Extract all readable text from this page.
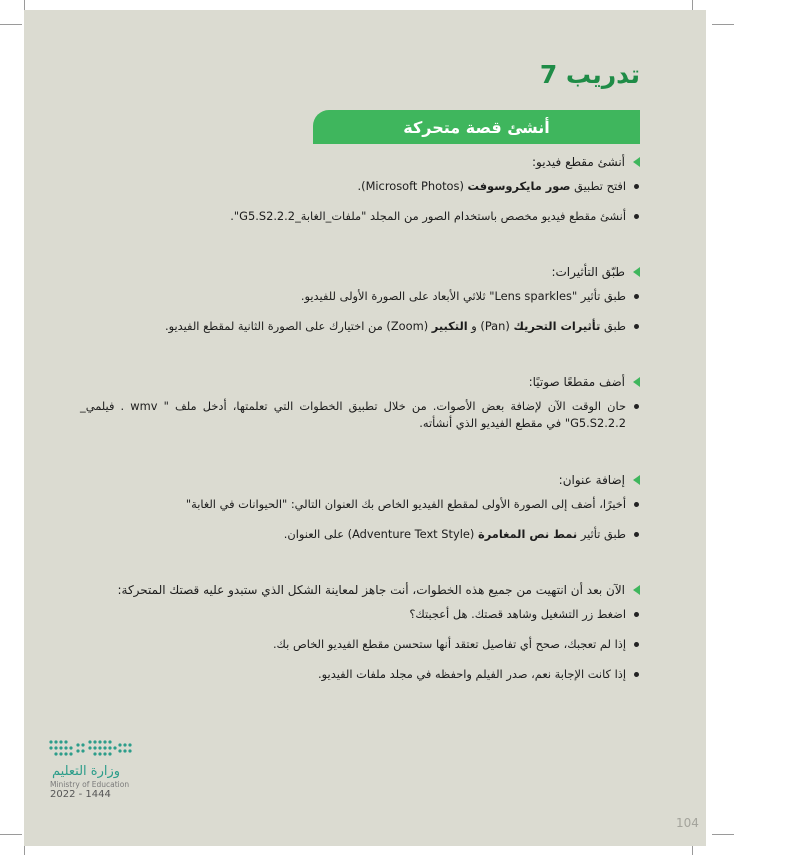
تدريب 7
أنشئ قصة متحركة
أنشئ مقطع فيديو:
افتح تطبيق صور مايكروسوفت (Microsoft Photos).
أنشئ مقطع فيديو مخصص باستخدام الصور من المجلد "ملفات_الغابة_G5.S2.2.2".
طبّق التأثيرات:
طبق تأثير "Lens sparkles" ثلاثي الأبعاد على الصورة الأولى للفيديو.
طبق تأثيرات التحريك (Pan) و التكبير (Zoom) من اختيارك على الصورة الثانية لمقطع الفيديو.
أضف مقطعًا صوتيًا:
حان الوقت الآن لإضافة بعض الأصوات. من خلال تطبيق الخطوات التي تعلمتها، أدخل ملف " wmv . فيلمي_ G5.S2.2.2" في مقطع الفيديو الذي أنشأته.
إضافة عنوان:
أخيرًا، أضف إلى الصورة الأولى لمقطع الفيديو الخاص بك العنوان التالي: "الحيوانات في الغابة"
طبق تأثير نمط نص المغامرة (Adventure Text Style) على العنوان.
الآن بعد أن انتهيت من جميع هذه الخطوات، أنت جاهز لمعاينة الشكل الذي ستبدو عليه قصتك المتحركة:
اضغط زر التشغيل وشاهد قصتك. هل أعجبتك؟
إذا لم تعجبك، صحح أي تفاصيل تعتقد أنها ستحسن مقطع الفيديو الخاص بك.
إذا كانت الإجابة نعم، صدر الفيلم واحفظه في مجلد ملفات الفيديو.
104
وزارة التعليم
Ministry of Education
2022 - 1444
